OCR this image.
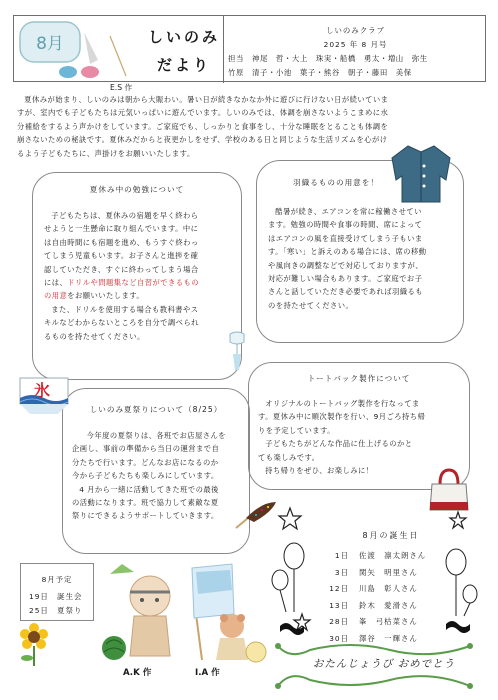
しいのみ
だより
しいのみクラブ
2025 年 8 月号
担当　神尾　哲・大上　珠実・船橋　勇太・増山　弥生
竹原　清子・小池　葉子・熊谷　朝子・藤田　美保
8月
E.S 作
夏休みが始まり、しいのみは朝から大賑わい。暑い日が続きなかなか外に遊びに行けない日が続いていま
すが、室内でも子どもたちは元気いっぱいに遊んでいます。しいのみでは、体調を崩さないようこまめに水
分補給をするよう声かけをしています。ご家庭でも、しっかりと食事をし、十分な睡眠をとることも体調を
崩さないための秘訣です。夏休みだからと夜更かしをせず、学校のある日と同じような生活リズムを心がけ
るよう子どもたちに、声掛けをお願いいたします。
夏休み中の勉強について
子どもたちは、夏休みの宿題を早く終わら
せようと一生懸命に取り組んでいます。中に
は自由時間にも宿題を進め、もうすぐ終わっ
てしまう児童もいます。お子さんと進捗を確
認していただき、すぐに終わってしまう場合
には、ドリルや問題集など自習ができるもの
の用意をお願いいたします。
また、ドリルを使用する場合も教科書やス
キルなどわからないところを自分で調べられ
るものを持たせてください。
羽織るものの用意を！
酷暑が続き、エアコンを常に稼働させてい
ます。勉強の時間や食事の時間、席によって
はエアコンの風を直接受けてしまう子もいま
す。「寒い」と訴えのある場合には、席の移動
や風向きの調整などで対応しておりますが、
対応が難しい場合もあります。ご家庭でお子
さんと話していただき必要であれば羽織るも
のを持たせてください。
氷
しいのみ夏祭りについて（8/25）
今年度の夏祭りは、各班でお店屋さんを
企画し、事前の準備から当日の運営まで自
分たちで行います。どんなお店になるのか
今から子どもたちも楽しみにしています。
4 月から一緒に活動してきた班での最後
の活動になります。班で協力して素敵な夏
祭りにできるようサポートしていきます。
トートバック製作について
オリジナルのトートバッグ製作を行なってま
す。夏休み中に順次製作を行い、9月ごろ持ち帰
りを予定しています。
子どもたちがどんな作品に仕上げるのかと
ても楽しみです。
持ち帰りをぜひ、お楽しみに！
8月予定
19日　誕生会
25日　夏祭り
A.K 作	I.A 作
8月の誕生日
1日	佐渡　凛太朗さん
3日	関矢　明里さん
12日	川島　彰人さん
13日	鈴木　愛滑さん
28日	峯　弓枯菜さん
30日	澤谷　一輝さん
おたんじょうび おめでとう
